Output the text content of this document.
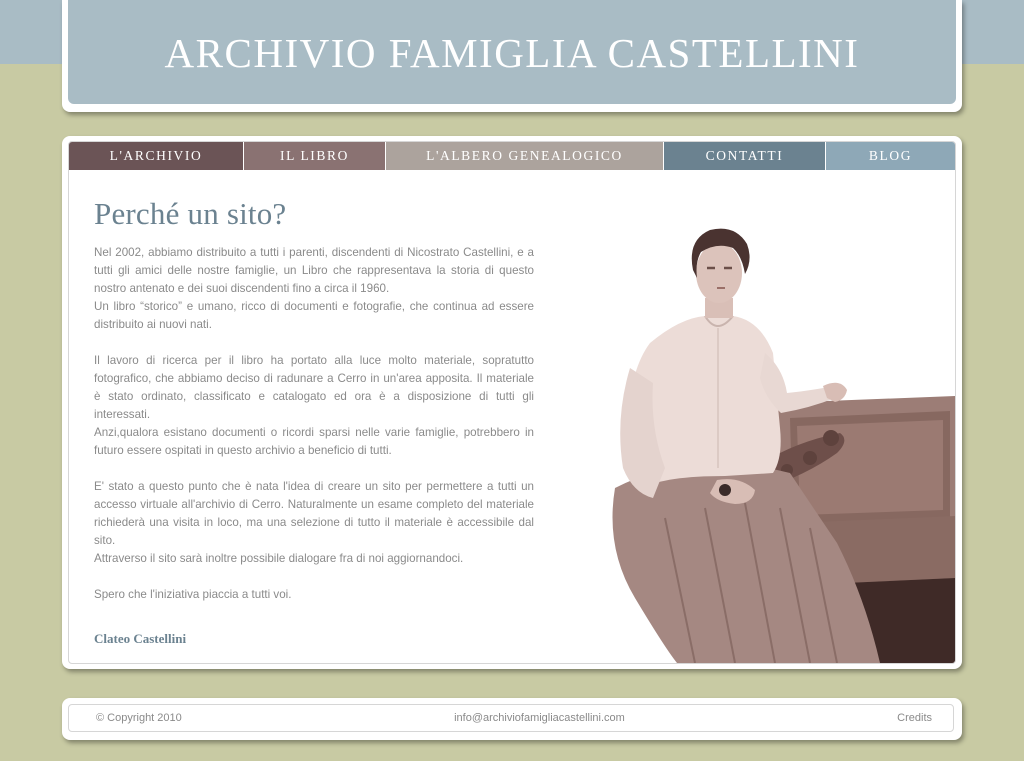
ARCHIVIO FAMIGLIA CASTELLINI
L'ARCHIVIO	IL LIBRO	L'ALBERO GENEALOGICO	CONTATTI	BLOG
Perché un sito?

Nel 2002, abbiamo distribuito a tutti i parenti, discendenti di Nicostrato Castellini, e a tutti gli amici delle nostre famiglie, un Libro che rappresentava la storia di questo nostro antenato e dei suoi discendenti fino a circa il 1960.

Un libro “storico” e umano, ricco di documenti e fotografie, che continua ad essere distribuito ai nuovi nati.

Il lavoro di ricerca per il libro ha portato alla luce molto materiale, sopratutto fotografico, che abbiamo deciso di radunare a Cerro in un'area apposita. Il materiale è stato ordinato, classificato e catalogato ed ora è a disposizione di tutti gli interessati.

Anzi,qualora esistano documenti o ricordi sparsi nelle varie famiglie, potrebbero in futuro essere ospitati in questo archivio a beneficio di tutti.

E' stato a questo punto che è nata l'idea di creare un sito per permettere a tutti un accesso virtuale all'archivio di Cerro. Naturalmente un esame completo del materiale richiederà una visita in loco, ma una selezione di tutto il materiale è accessibile dal sito.

Attraverso il sito sarà inoltre possibile dialogare fra di noi aggiornandoci.

Spero che l'iniziativa piaccia a tutti voi.

Clateo Castellini
© Copyright 2010	info@archiviofamigliacastellini.com	Credits
